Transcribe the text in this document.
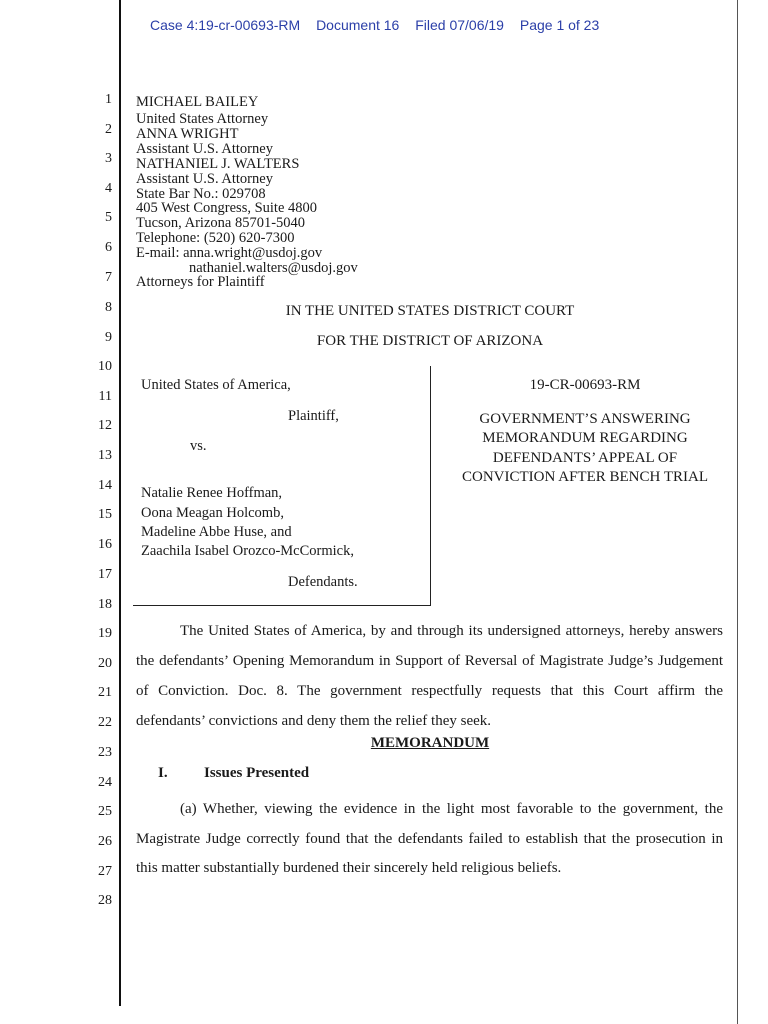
Case 4:19-cr-00693-RM Document 16 Filed 07/06/19 Page 1 of 23
1
2
3
4
5
6
7
8
9
10
11
12
13
14
15
16
17
18
19
20
21
22
23
24
25
26
27
28
MICHAEL BAILEY
United States Attorney
ANNA WRIGHT
Assistant U.S. Attorney
NATHANIEL J. WALTERS
Assistant U.S. Attorney
State Bar No.: 029708
405 West Congress, Suite 4800
Tucson, Arizona 85701-5040
Telephone: (520) 620-7300
E-mail: anna.wright@usdoj.gov
nathaniel.walters@usdoj.gov
Attorneys for Plaintiff
IN THE UNITED STATES DISTRICT COURT
FOR THE DISTRICT OF ARIZONA
United States of America,
Plaintiff,
vs.
Natalie Renee Hoffman,
Oona Meagan Holcomb,
Madeline Abbe Huse, and
Zaachila Isabel Orozco-McCormick,
Defendants.
19-CR-00693-RM
GOVERNMENT’S ANSWERING
MEMORANDUM REGARDING
DEFENDANTS’ APPEAL OF
CONVICTION AFTER BENCH TRIAL
The United States of America, by and through its undersigned attorneys, hereby answers the defendants’ Opening Memorandum in Support of Reversal of Magistrate Judge’s Judgement of Conviction. Doc. 8. The government respectfully requests that this Court affirm the defendants’ convictions and deny them the relief they seek.
MEMORANDUM
I. Issues Presented
(a) Whether, viewing the evidence in the light most favorable to the government, the Magistrate Judge correctly found that the defendants failed to establish that the prosecution in this matter substantially burdened their sincerely held religious beliefs.
